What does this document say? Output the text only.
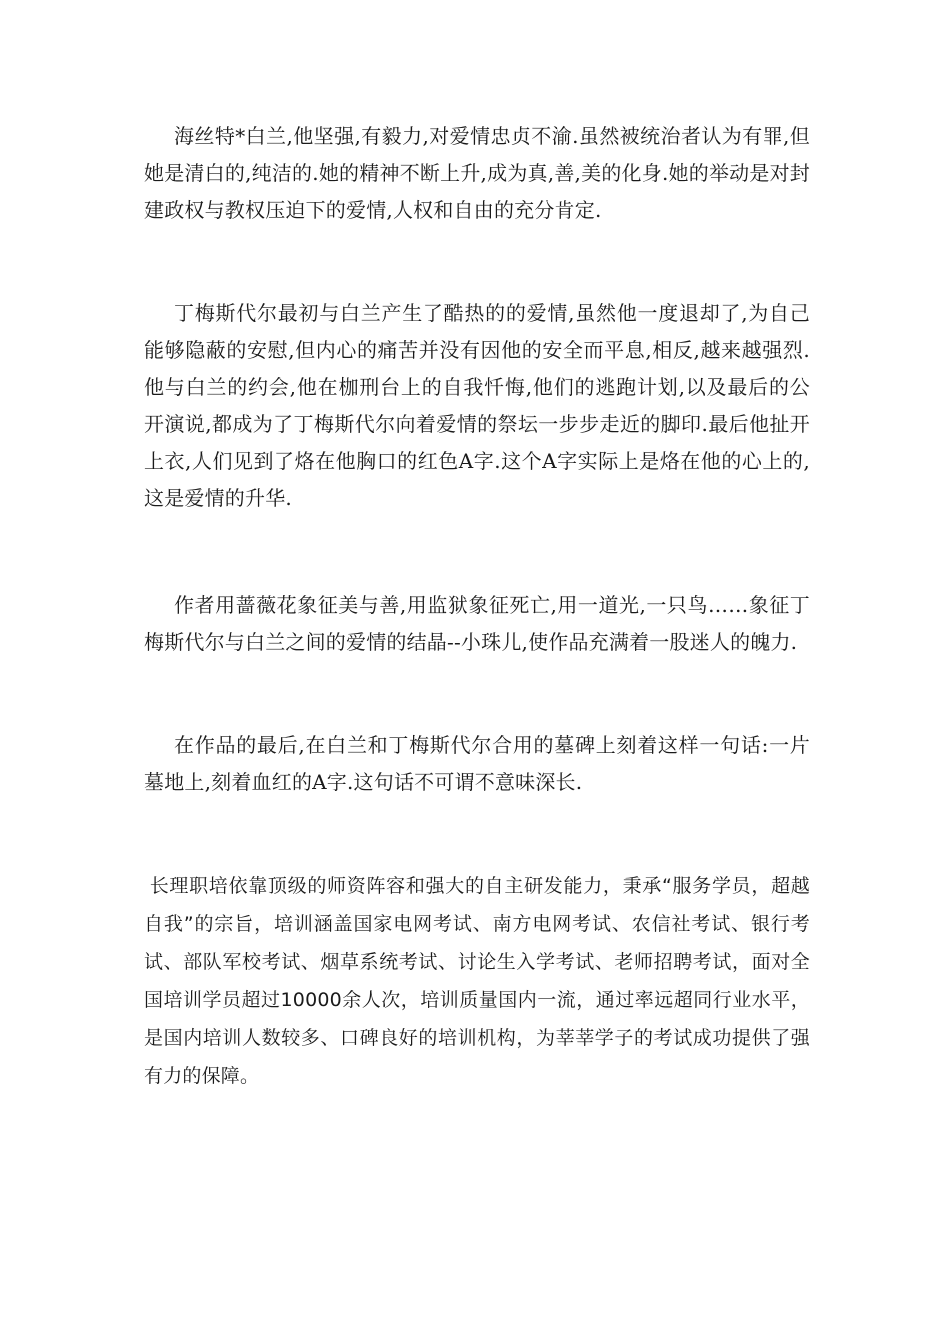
海丝特*白兰,他坚强,有毅力,对爱情忠贞不渝.虽然被统治者认为有罪,但她是清白的,纯洁的.她的精神不断上升,成为真,善,美的化身.她的举动是对封建政权与教权压迫下的爱情,人权和自由的充分肯定.

丁梅斯代尔最初与白兰产生了酷热的的爱情,虽然他一度退却了,为自己能够隐蔽的安慰,但内心的痛苦并没有因他的安全而平息,相反,越来越强烈.他与白兰的约会,他在枷刑台上的自我忏悔,他们的逃跑计划,以及最后的公开演说,都成为了丁梅斯代尔向着爱情的祭坛一步步走近的脚印.最后他扯开上衣,人们见到了烙在他胸口的红色A字.这个A字实际上是烙在他的心上的,这是爱情的升华.

作者用蔷薇花象征美与善,用监狱象征死亡,用一道光,一只鸟……象征丁梅斯代尔与白兰之间的爱情的结晶--小珠儿,使作品充满着一股迷人的魄力.

在作品的最后,在白兰和丁梅斯代尔合用的墓碑上刻着这样一句话:一片墓地上,刻着血红的A字.这句话不可谓不意味深长.

长理职培依靠顶级的师资阵容和强大的自主研发能力，秉承“服务学员，超越自我”的宗旨，培训涵盖国家电网考试、南方电网考试、农信社考试、银行考试、部队军校考试、烟草系统考试、讨论生入学考试、老师招聘考试，面对全国培训学员超过10000余人次，培训质量国内一流，通过率远超同行业水平，是国内培训人数较多、口碑良好的培训机构，为莘莘学子的考试成功提供了强有力的保障。
